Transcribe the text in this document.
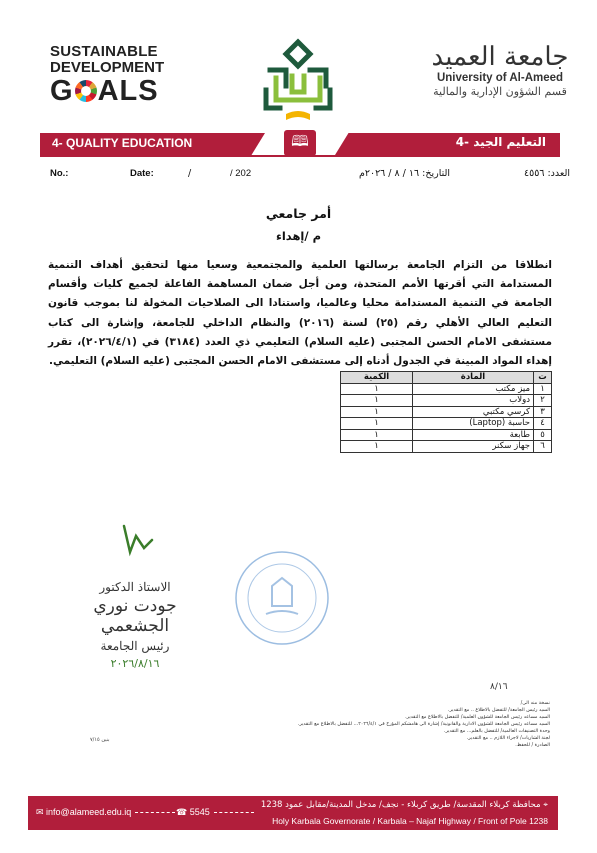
SUSTAINABLE
DEVELOPMENT
G ALS
جامعة العميد
University of Al-Ameed
قسم الشؤون الإدارية والمالية
4- QUALITY EDUCATION	4- التعليم الجيد
🕮
No.:	Date:	/	/ 202	التاريخ: ١٦ / ٨ / ٢٠٢٦م	العدد: ٤٥٥٦
أمر جامعي
م /إهداء
انطلاقا من التزام الجامعة برسالتها العلمية والمجتمعية وسعيا منها لتحقيق أهداف التنمية المستدامة التي أقرتها الأمم المتحدة، ومن أجل ضمان المساهمة الفاعلة لجميع كليات وأقسام الجامعة في التنمية المستدامة محليا وعالميا، واستنادا الى الصلاحيات المخولة لنا بموجب قانون التعليم العالي الأهلي رقم (٢٥) لسنة (٢٠١٦) والنظام الداخلي للجامعة، وإشارة الى كتاب مستشفى الامام الحسن المجتبى (عليه السلام) التعليمي ذي العدد (٣١٨٤) في (٢٠٢٦/٤/١)، تقرر إهداء المواد المبينة في الجدول أدناه إلى مستشفى الامام الحسن المجتبى (عليه السلام) التعليمي.
ت	المادة	الكمية
١	ميز مكتب	١
٢	دولاب	١
٣	كرسي مكتبي	١
٤	حاسبة (Laptop)	١
٥	طابعة	١
٦	جهاز سكنر	١
الاستاذ الدكتور
جودت نوري الجشعمي
رئيس الجامعة
٢٠٢٦/٨/١٦
٨/١٦
نسخة منه الى/
السيد رئيس الجامعة/ للتفضل بالاطلاع .. مع التقدير.
السيد مساعد رئيس الجامعة للشؤون العلمية/ للتفضل بالاطلاع مع التقدير.
السيد مساعد رئيس الجامعة للشؤون الادارية والقانونية/ إشارة الى هامشكم المؤرخ في ٢٠٢٦/٤/١... للتفضل بالاطلاع مع التقدير.
وحدة التصنيفات العالمية/ للتفضل بالعلم... مع التقدير.
لجنة الشاريات/ لاجراء اللازم .. مع التقدير.
الصادرة / للحفظ.
بنين ٧/١٥
✉ info@alameed.edu.iq	☎ 5545
⌖ محافظة كربلاء المقدسة/ طريق كربلاء - نجف/ مدخل المدينة/مقابل عمود 1238
Holy Karbala Governorate / Karbala – Najaf Highway / Front of Pole 1238
